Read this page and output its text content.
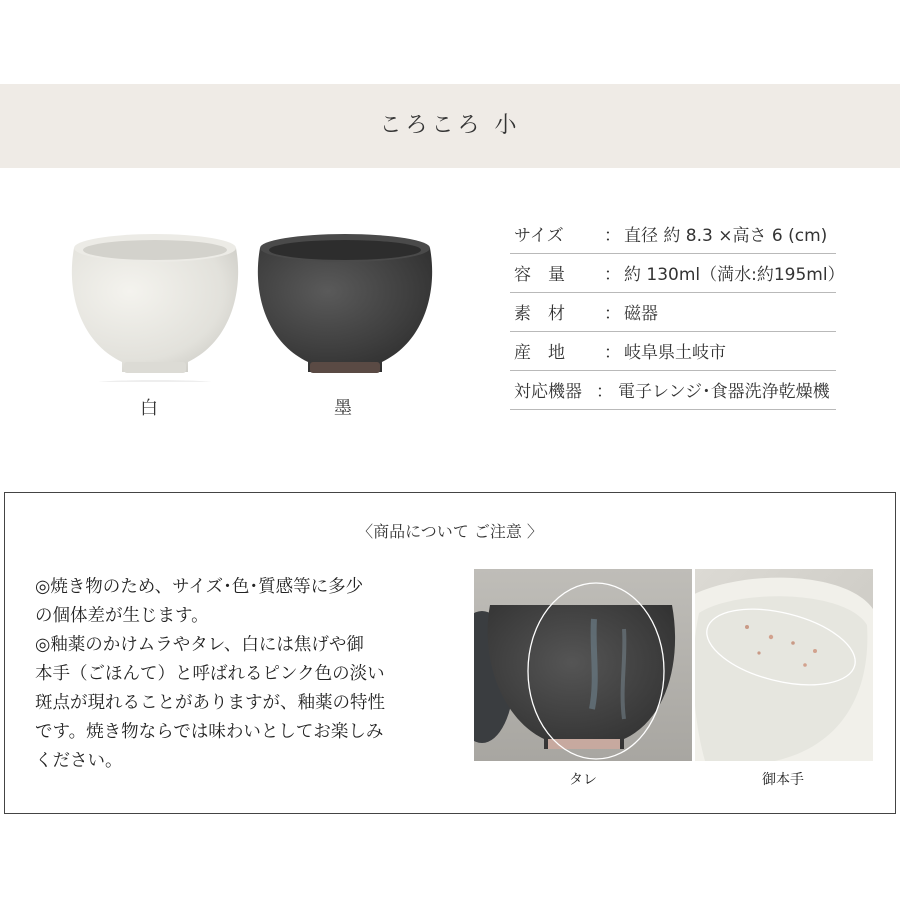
ころころ 小
白	墨
サイズ ： 直径 約 8.3 ×高さ 6 (cm)
容　量 ： 約 130ml（満水:約195ml）
素　材 ： 磁器
産　地 ： 岐阜県土岐市
対応機器 ： 電子レンジ･食器洗浄乾燥機
〈商品について ご注意 〉
◎焼き物のため、サイズ･色･質感等に多少
の個体差が生じます。
◎釉薬のかけムラやタレ、白には焦げや御
本手（ごほんて）と呼ばれるピンク色の淡い
斑点が現れることがありますが、釉薬の特性
です。焼き物ならでは味わいとしてお楽しみ
ください。
タレ	御本手
